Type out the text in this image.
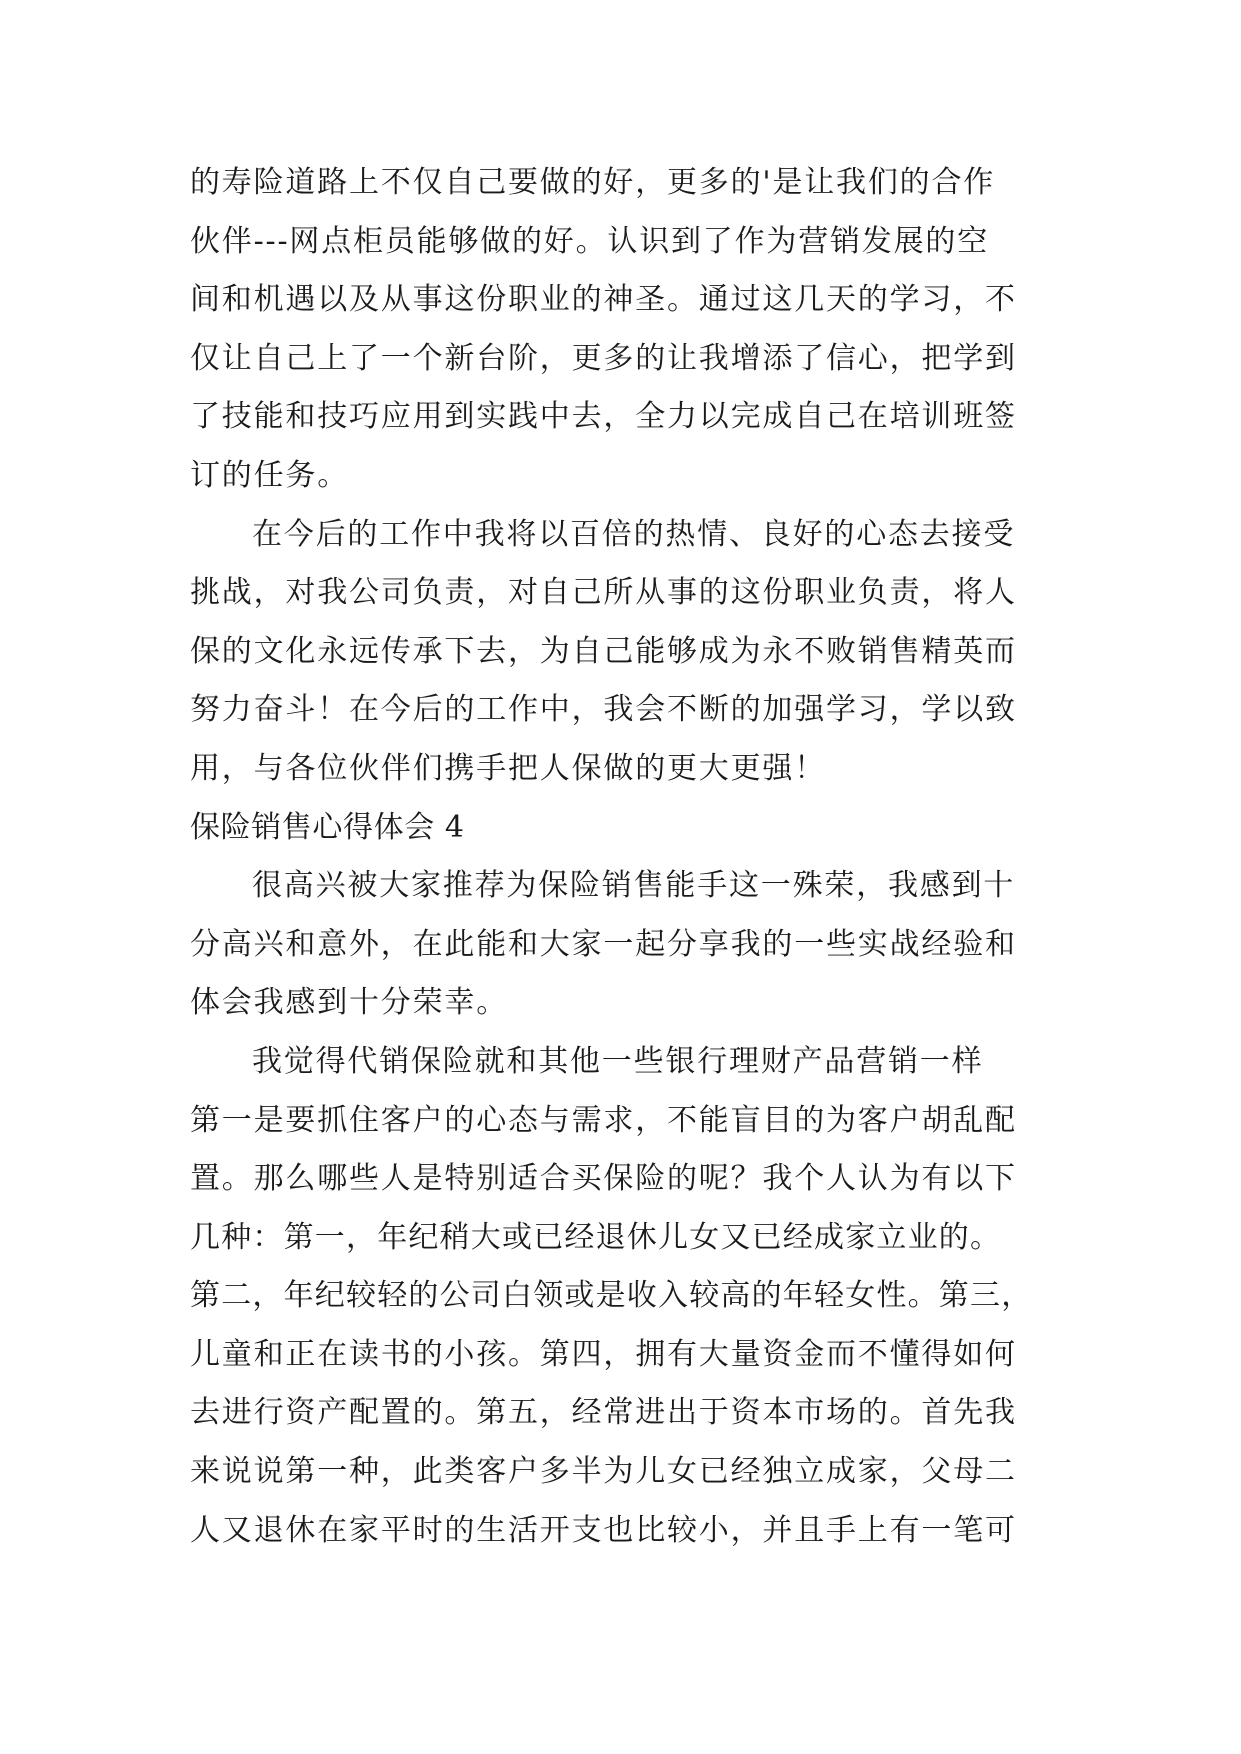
的寿险道路上不仅自己要做的好，更多的'是让我们的合作
伙伴---网点柜员能够做的好。认识到了作为营销发展的空
间和机遇以及从事这份职业的神圣。通过这几天的学习，不
仅让自己上了一个新台阶，更多的让我增添了信心，把学到
了技能和技巧应用到实践中去，全力以完成自己在培训班签
订的任务。
在今后的工作中我将以百倍的热情、良好的心态去接受
挑战，对我公司负责，对自己所从事的这份职业负责，将人
保的文化永远传承下去，为自己能够成为永不败销售精英而
努力奋斗！在今后的工作中，我会不断的加强学习，学以致
用，与各位伙伴们携手把人保做的更大更强！
保险销售心得体会 4
很高兴被大家推荐为保险销售能手这一殊荣，我感到十
分高兴和意外，在此能和大家一起分享我的一些实战经验和
体会我感到十分荣幸。
我觉得代销保险就和其他一些银行理财产品营销一样
第一是要抓住客户的心态与需求，不能盲目的为客户胡乱配
置。那么哪些人是特别适合买保险的呢？我个人认为有以下
几种：第一，年纪稍大或已经退休儿女又已经成家立业的。
第二，年纪较轻的公司白领或是收入较高的年轻女性。第三，
儿童和正在读书的小孩。第四，拥有大量资金而不懂得如何
去进行资产配置的。第五，经常进出于资本市场的。首先我
来说说第一种，此类客户多半为儿女已经独立成家，父母二
人又退休在家平时的生活开支也比较小，并且手上有一笔可
